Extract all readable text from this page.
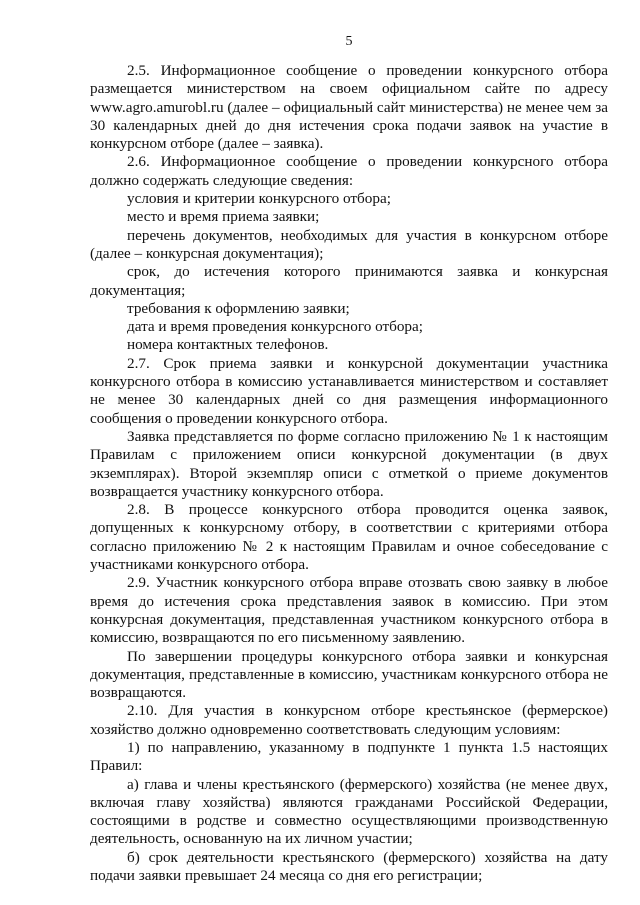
5

2.5. Информационное сообщение о проведении конкурсного отбора размещается министерством на своем официальном сайте по адресу www.agro.amurobl.ru (далее – официальный сайт министерства) не менее чем за 30 календарных дней до дня истечения срока подачи заявок на участие в конкурсном отборе (далее – заявка).

2.6. Информационное сообщение о проведении конкурсного отбора должно содержать следующие сведения:

условия и критерии конкурсного отбора;

место и время приема заявки;

перечень документов, необходимых для участия в конкурсном отборе (далее – конкурсная документация);

срок, до истечения которого принимаются заявка и конкурсная документация;

требования к оформлению заявки;

дата и время проведения конкурсного отбора;

номера контактных телефонов.

2.7. Срок приема заявки и конкурсной документации участника конкурсного отбора в комиссию устанавливается министерством и составляет не менее 30 календарных дней со дня размещения информационного сообщения о проведении конкурсного отбора.

Заявка представляется по форме согласно приложению № 1 к настоящим Правилам с приложением описи конкурсной документации (в двух экземплярах). Второй экземпляр описи с отметкой о приеме документов возвращается участнику конкурсного отбора.

2.8. В процессе конкурсного отбора проводится оценка заявок, допущенных к конкурсному отбору, в соответствии с критериями отбора согласно приложению № 2 к настоящим Правилам и очное собеседование с участниками конкурсного отбора.

2.9. Участник конкурсного отбора вправе отозвать свою заявку в любое время до истечения срока представления заявок в комиссию. При этом конкурсная документация, представленная участником конкурсного отбора в комиссию, возвращаются по его письменному заявлению.

По завершении процедуры конкурсного отбора заявки и конкурсная документация, представленные в комиссию, участникам конкурсного отбора не возвращаются.

2.10. Для участия в конкурсном отборе крестьянское (фермерское) хозяйство должно одновременно соответствовать следующим условиям:

1) по направлению, указанному в подпункте 1 пункта 1.5 настоящих Правил:

а) глава и члены крестьянского (фермерского) хозяйства (не менее двух, включая главу хозяйства) являются гражданами Российской Федерации, состоящими в родстве и совместно осуществляющими производственную деятельность, основанную на их личном участии;

б) срок деятельности крестьянского (фермерского) хозяйства на дату подачи заявки превышает 24 месяца со дня его регистрации;
